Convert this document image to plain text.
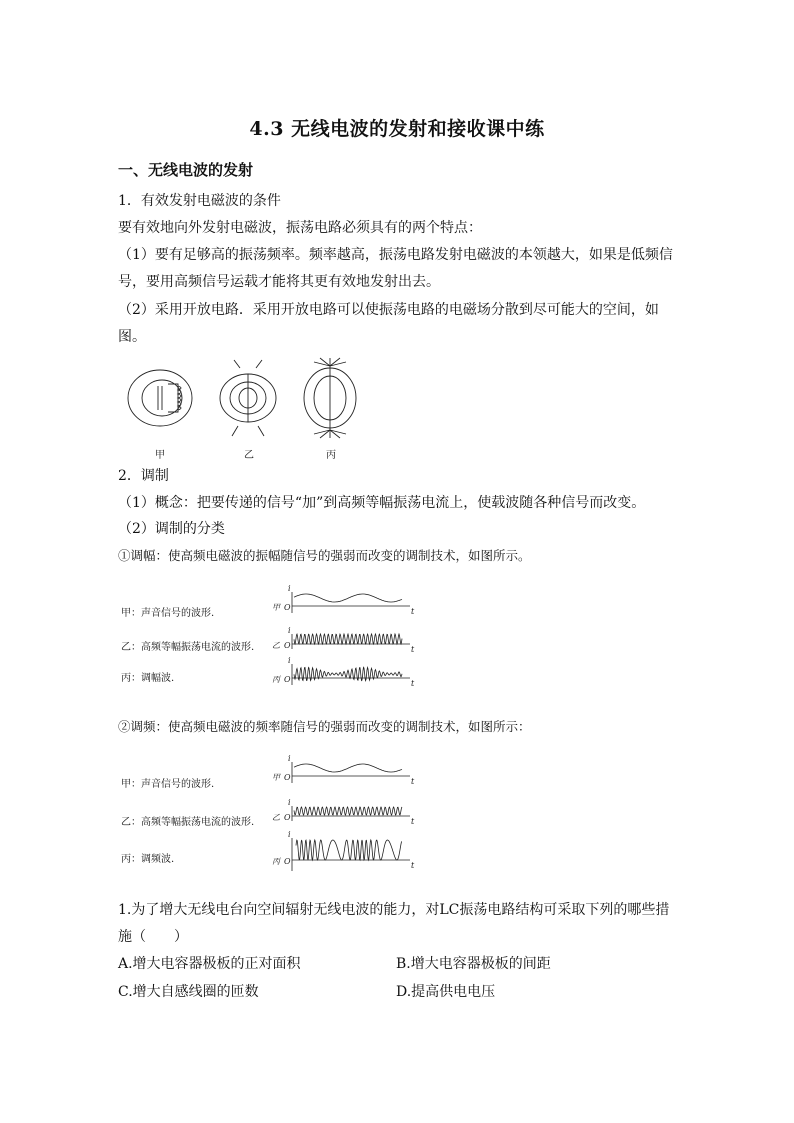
4.3 无线电波的发射和接收课中练
一、无线电波的发射
1．有效发射电磁波的条件
要有效地向外发射电磁波，振荡电路必须具有的两个特点：
（1）要有足够高的振荡频率。频率越高，振荡电路发射电磁波的本领越大，如果是低频信
号，要用高频信号运载才能将其更有效地发射出去。
（2）采用开放电路．采用开放电路可以使振荡电路的电磁场分散到尽可能大的空间，如
图。
甲	乙	丙
2．调制
（1）概念：把要传递的信号“加”到高频等幅振荡电流上，使载波随各种信号而改变。
（2）调制的分类
①调幅：使高频电磁波的振幅随信号的强弱而改变的调制技术，如图所示。
甲：声音信号的波形.
乙：高频等幅振荡电流的波形.
丙：调幅波.
i
t
O
甲
i
t
O
乙
i
t
O
丙
②调频：使高频电磁波的频率随信号的强弱而改变的调制技术，如图所示：
甲：声音信号的波形.
乙：高频等幅振荡电流的波形.
丙：调频波.
i
t
O
甲
i
t
O
乙
i
t
O
丙
1.为了增大无线电台向空间辐射无线电波的能力，对LC振荡电路结构可采取下列的哪些措
施（　　）
A.增大电容器极板的正对面积	B.增大电容器极板的间距
C.增大自感线圈的匝数	D.提高供电电压
